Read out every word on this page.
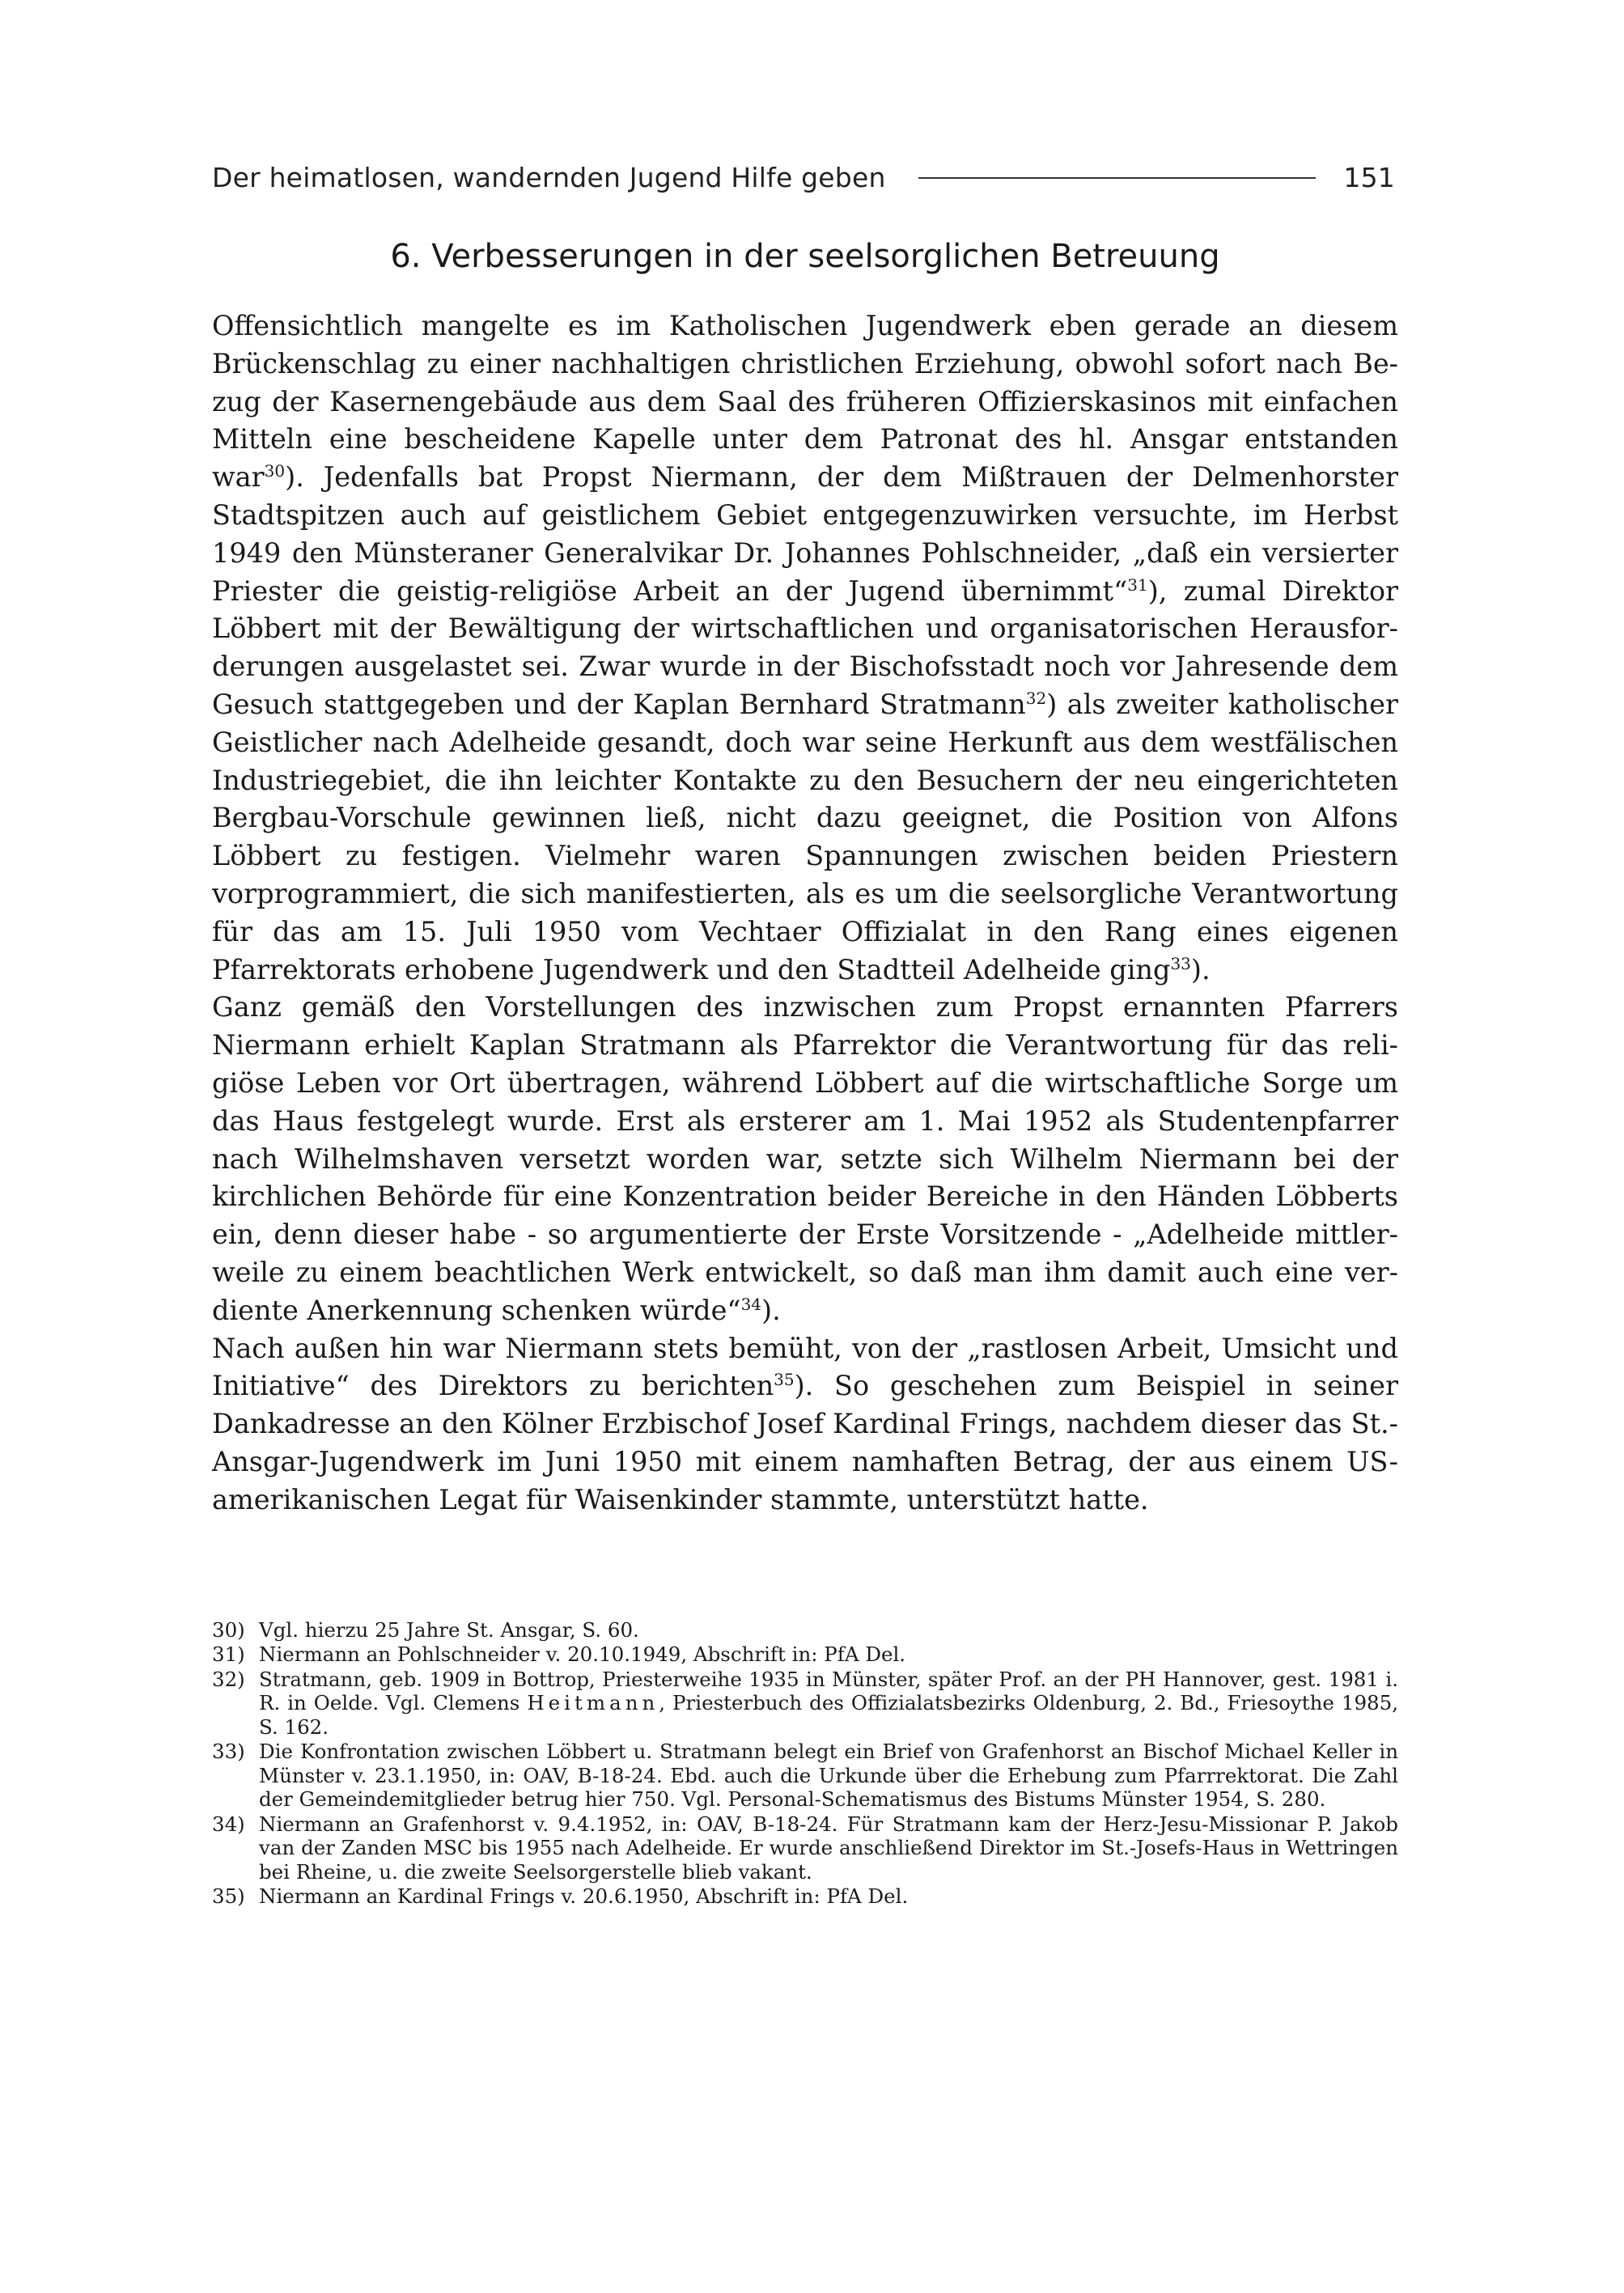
Der heimatlosen, wandernden Jugend Hilfe geben	151
6. Verbesserungen in der seelsorglichen Betreuung

Offensichtlich mangelte es im Katholischen Jugendwerk eben gerade an diesem Brückenschlag zu einer nachhaltigen christlichen Erziehung, obwohl sofort nach Bezug der Kasernengebäude aus dem Saal des früheren Offizierskasinos mit einfachen Mitteln eine bescheidene Kapelle unter dem Patronat des hl. Ansgar entstanden war$^{30}$). Jedenfalls bat Propst Niermann, der dem Mißtrauen der Delmenhorster Stadtspitzen auch auf geistlichem Gebiet entgegenzuwirken versuchte, im Herbst 1949 den Münsteraner Generalvikar Dr. Johannes Pohlschneider, „daß ein versierter Priester die geistig-religiöse Arbeit an der Jugend übernimmt“$^{31}$), zumal Direktor Löbbert mit der Bewältigung der wirtschaftlichen und organisatorischen Herausforderungen ausgelastet sei. Zwar wurde in der Bischofsstadt noch vor Jahresende dem Gesuch stattgegeben und der Kaplan Bernhard Stratmann$^{32}$) als zweiter katholischer Geistlicher nach Adelheide gesandt, doch war seine Herkunft aus dem westfälischen Industriegebiet, die ihn leichter Kontakte zu den Besuchern der neu eingerichteten Bergbau-Vorschule gewinnen ließ, nicht dazu geeignet, die Position von Alfons Löbbert zu festigen. Vielmehr waren Spannungen zwischen beiden Priestern vorprogrammiert, die sich manifestierten, als es um die seelsorgliche Verantwortung für das am 15. Juli 1950 vom Vechtaer Offizialat in den Rang eines eigenen Pfarrektorats erhobene Jugendwerk und den Stadtteil Adelheide ging$^{33}$).

Ganz gemäß den Vorstellungen des inzwischen zum Propst ernannten Pfarrers Niermann erhielt Kaplan Stratmann als Pfarrektor die Verantwortung für das religiöse Leben vor Ort übertragen, während Löbbert auf die wirtschaftliche Sorge um das Haus festgelegt wurde. Erst als ersterer am 1. Mai 1952 als Studentenpfarrer nach Wilhelmshaven versetzt worden war, setzte sich Wilhelm Niermann bei der kirchlichen Behörde für eine Konzentration beider Bereiche in den Händen Löbberts ein, denn dieser habe - so argumentierte der Erste Vorsitzende - „Adelheide mittlerweile zu einem beachtlichen Werk entwickelt, so daß man ihm damit auch eine verdiente Anerkennung schenken würde“$^{34}$).

Nach außen hin war Niermann stets bemüht, von der „rastlosen Arbeit, Umsicht und Initiative“ des Direktors zu berichten$^{35}$). So geschehen zum Beispiel in seiner Dankadresse an den Kölner Erzbischof Josef Kardinal Frings, nachdem dieser das St.-Ansgar-Jugendwerk im Juni 1950 mit einem namhaften Betrag, der aus einem US-amerikanischen Legat für Waisenkinder stammte, unterstützt hatte.

30) Vgl. hierzu 25 Jahre St. Ansgar, S. 60.
31) Niermann an Pohlschneider v. 20.10.1949, Abschrift in: PfA Del.
32) Stratmann, geb. 1909 in Bottrop, Priesterweihe 1935 in Münster, später Prof. an der PH Hannover, gest. 1981 i. R. in Oelde. Vgl. Clemens Heitmann, Priesterbuch des Offizialatsbezirks Oldenburg, 2. Bd., Friesoythe 1985, S. 162.
33) Die Konfrontation zwischen Löbbert u. Stratmann belegt ein Brief von Grafenhorst an Bischof Michael Keller in Münster v. 23.1.1950, in: OAV, B-18-24. Ebd. auch die Urkunde über die Erhebung zum Pfarrrektorat. Die Zahl der Gemeindemitglieder betrug hier 750. Vgl. Personal-Schematismus des Bistums Münster 1954, S. 280.
34) Niermann an Grafenhorst v. 9.4.1952, in: OAV, B-18-24. Für Stratmann kam der Herz-Jesu-Missionar P. Jakob van der Zanden MSC bis 1955 nach Adelheide. Er wurde anschließend Direktor im St.-Josefs-Haus in Wettringen bei Rheine, u. die zweite Seelsorgerstelle blieb vakant.
35) Niermann an Kardinal Frings v. 20.6.1950, Abschrift in: PfA Del.
